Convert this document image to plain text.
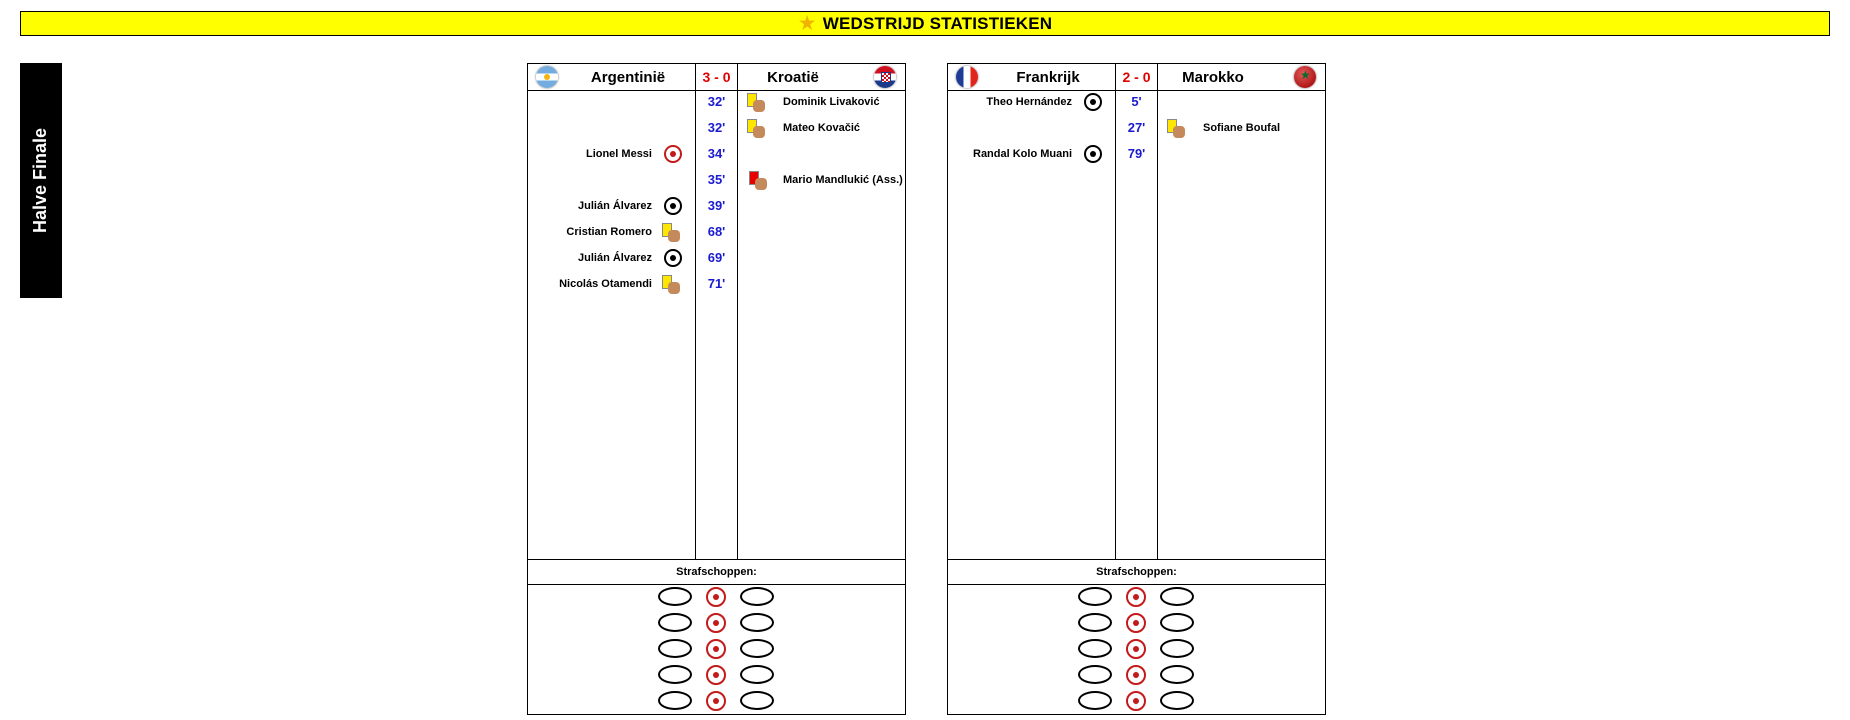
★ WEDSTRIJD STATISTIEKEN
Halve Finale
Argentinië	3 - 0	Kroatië
32'	Dominik Livaković
32'	Mateo Kovačić
Lionel Messi	34'
35'	Mario Mandlukić (Ass.)
Julián Álvarez	39'
Cristian Romero	68'
Julián Álvarez	69'
Nicolás Otamendi	71'
Strafschoppen:
Frankrijk	2 - 0	Marokko
★
Theo Hernández	5'
27'	Sofiane Boufal
Randal Kolo Muani	79'
Strafschoppen:
